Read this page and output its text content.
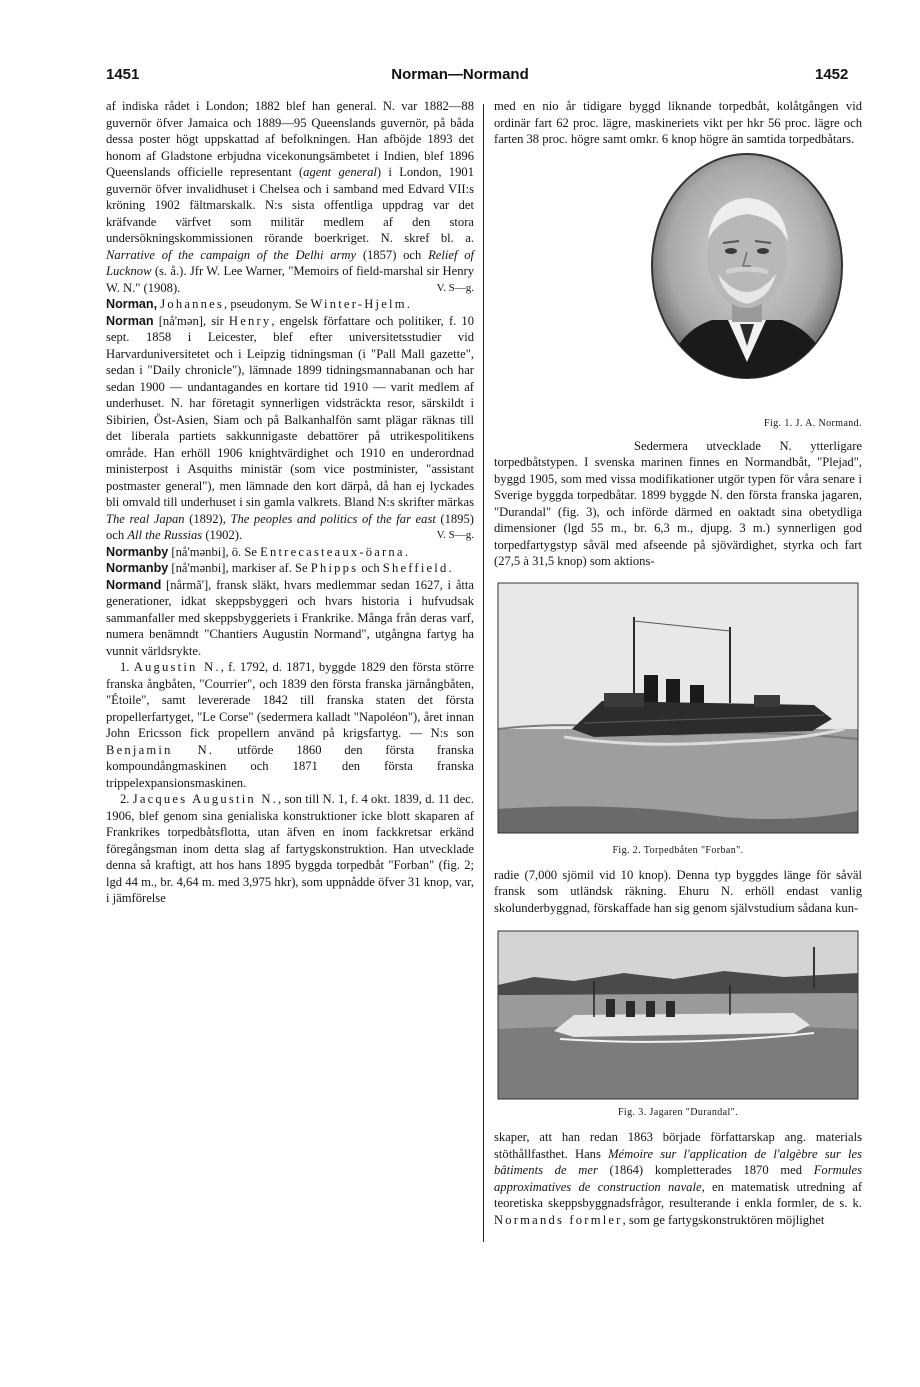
1451	Norman—Normand	1452

af indiska rådet i London; 1882 blef han general. N. var 1882—88 guvernör öfver Jamaica och 1889—95 Queenslands guvernör, på båda dessa poster högt uppskattad af befolkningen. Han afböjde 1893 det honom af Gladstone erbjudna vicekonungsämbetet i Indien, blef 1896 Queenslands officielle representant (agent general) i London, 1901 guvernör öfver invalidhuset i Chelsea och i samband med Edvard VII:s kröning 1902 fältmarskalk. N:s sista offentliga uppdrag var det kräfvande värfvet som militär medlem af den stora undersökningskommissionen rörande boerkriget. N. skref bl. a. Narrative of the campaign of the Delhi army (1857) och Relief of Lucknow (s. å.). Jfr W. Lee Warner, "Memoirs of field-marshal sir Henry W. N." (1908).	V. S—g.

Norman, Johannes, pseudonym. Se Winter-Hjelm.

Norman [nå'mən], sir Henry, engelsk författare och politiker, f. 10 sept. 1858 i Leicester, blef efter universitetsstudier vid Harvarduniversitetet och i Leipzig tidningsman (i "Pall Mall gazette", sedan i "Daily chronicle"), lämnade 1899 tidningsmannabanan och har sedan 1900 — undantagandes en kortare tid 1910 — varit medlem af underhuset. N. har företagit synnerligen vidsträckta resor, särskildt i Sibirien, Öst-Asien, Siam och på Balkanhalfön samt plägar räknas till det liberala partiets sakkunnigaste debattörer på utrikespolitikens område. Han erhöll 1906 knightvärdighet och 1910 en underordnad ministerpost i Asquiths ministär (som vice postminister, "assistant postmaster general"), men lämnade den kort därpå, då han ej lyckades bli omvald till underhuset i sin gamla valkrets. Bland N:s skrifter märkas The real Japan (1892), The peoples and politics of the far east (1895) och All the Russias (1902).	V. S—g.

Normanby [nå'mənbi], ö. Se Entrecasteaux-öarna.

Normanby [nå'mənbi], markiser af. Se Phipps och Sheffield.

Normand [nårmã'], fransk släkt, hvars medlemmar sedan 1627, i åtta generationer, idkat skeppsbyggeri och hvars historia i hufvudsak sammanfaller med skeppsbyggeriets i Frankrike. Många från deras varf, numera benämndt "Chantiers Augustin Normand", utgångna fartyg ha vunnit världsrykte.

1. Augustin N., f. 1792, d. 1871, byggde 1829 den första större franska ångbåten, "Courrier", och 1839 den första franska järnångbåten, "Étoile", samt levererade 1842 till franska staten det första propellerfartyget, "Le Corse" (sedermera kalladt "Napoléon"), året innan John Ericsson fick propellern använd på krigsfartyg. — N:s son Benjamin N. utförde 1860 den första franska kompoundångmaskinen och 1871 den första franska trippelexpansionsmaskinen.

2. Jacques Augustin N., son till N. 1, f. 4 okt. 1839, d. 11 dec. 1906, blef genom sina genialiska konstruktioner icke blott skaparen af Frankrikes torpedbåtsflotta, utan äfven en inom fackkretsar erkänd föregångsman inom detta slag af fartygskonstruktion. Han utvecklade denna så kraftigt, att hos hans 1895 byggda torpedbåt "Forban" (fig. 2; lgd 44 m., br. 4,64 m. med 3,975 hkr), som uppnådde öfver 31 knop, var, i jämförelse

med en nio år tidigare byggd liknande torpedbåt, kolåtgången vid ordinär fart 62 proc. lägre, maskineriets vikt per hkr 56 proc. lägre och farten 38 proc. högre samt omkr. 6 knop högre än samtida torpedbåtars.

Fig. 1. J. A. Normand.

Sedermera utvecklade N. ytterligare torpedbåtstypen. I svenska marinen finnes en Normandbåt, "Plejad", byggd 1905, som med vissa modifikationer utgör typen för våra senare i Sverige byggda torpedbåtar. 1899 byggde N. den första franska jagaren, "Durandal" (fig. 3), och införde därmed en oaktadt sina obetydliga dimensioner (lgd 55 m., br. 6,3 m., djupg. 3 m.) synnerligen god torpedfartygstyp såväl med afseende på sjövärdighet, styrka och fart (27,5 à 31,5 knop) som aktions-

Fig. 2. Torpedbåten "Forban".

radie (7,000 sjömil vid 10 knop). Denna typ byggdes länge för såväl fransk som utländsk räkning. Ehuru N. erhöll endast vanlig skolunderbyggnad, förskaffade han sig genom självstudium sådana kun-

Fig. 3. Jagaren "Durandal".

skaper, att han redan 1863 började författarskap ang. materials stöthållfasthet. Hans Mémoire sur l'application de l'algèbre sur les bâtiments de mer (1864) kompletterades 1870 med Formules approximatives de construction navale, en matematisk utredning af teoretiska skeppsbyggnadsfrågor, resulterande i enkla formler, de s. k. Normands formler, som ge fartygskonstruktören möjlighet
